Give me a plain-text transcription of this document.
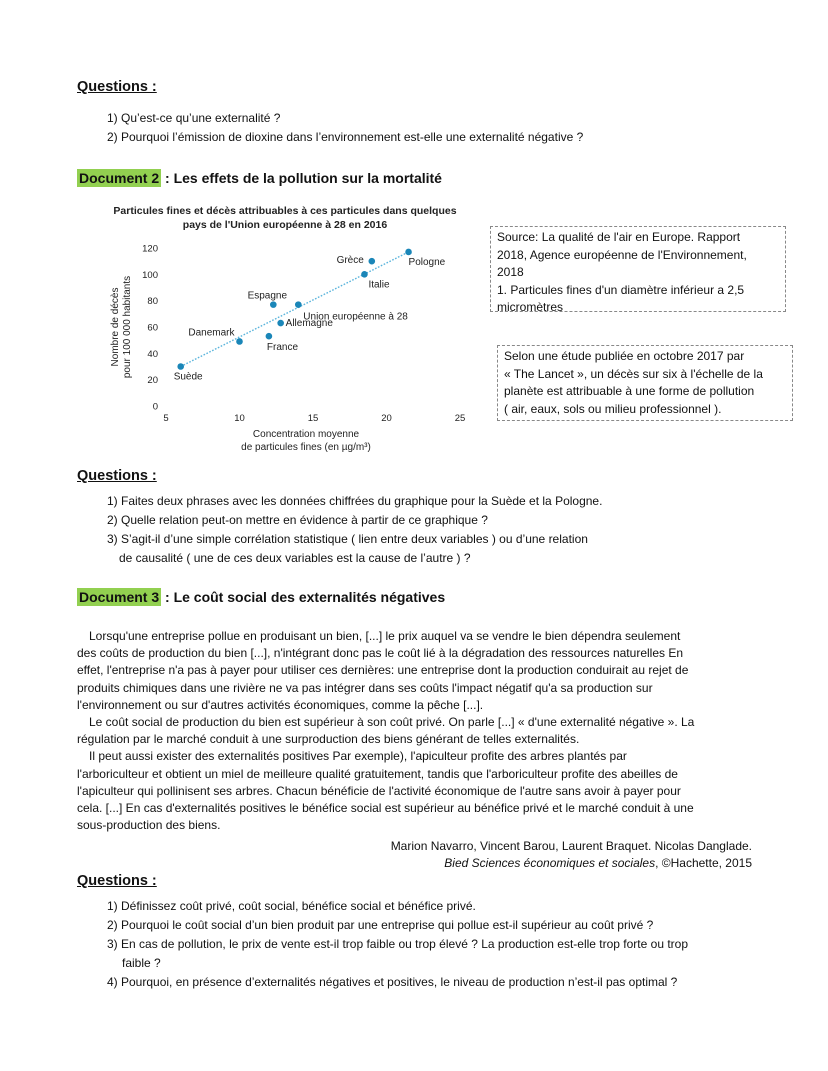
Questions :
1) Qu’est-ce qu’une externalité ?
2) Pourquoi l’émission de dioxine dans l’environnement est-elle une externalité négative ?
Document 2 : Les effets de la pollution sur la mortalité
Particules fines et décès attribuables à ces particules dans quelques
pays de l'Union européenne à 28 en 2016
0
20
40
60
80
100
120
5	10	15	20	25
Concentration moyenne
de particules fines (en µg/m³)
Nombre de décès pour 100 000 habitants	Suède
Danemark
France
Espagne
Allemagne
Union européenne à 28
Italie
Grèce	Pologne
Source: La qualité de l'air en Europe. Rapport
2018, Agence européenne de l'Environnement,
2018
1. Particules fines d'un diamètre inférieur a 2,5
micromètres
Selon une étude publiée en octobre 2017 par
« The Lancet », un décès sur six à l'échelle de la
planète est attribuable à une forme de pollution
( air, eaux, sols ou milieu professionnel ).
Questions :
1) Faites deux phrases avec les données chiffrées du graphique pour la Suède et la Pologne.
2) Quelle relation peut-on mettre en évidence à partir de ce graphique ?
3) S’agit-il d’une simple corrélation statistique ( lien entre deux variables ) ou d’une relation
de causalité ( une de ces deux variables est la cause de l’autre ) ?
Document 3 : Le coût social des externalités négatives
Lorsqu'une entreprise pollue en produisant un bien, [...] le prix auquel va se vendre le bien dépendra seulement
des coûts de production du bien [...], n'intégrant donc pas le coût lié à la dégradation des ressources naturelles En
effet, l'entreprise n'a pas à payer pour utiliser ces dernières: une entreprise dont la production conduirait au rejet de
produits chimiques dans une rivière ne va pas intégrer dans ses coûts l'impact négatif qu'a sa production sur
l'environnement ou sur d'autres activités économiques, comme la pêche [...].
Le coût social de production du bien est supérieur à son coût privé. On parle [...] « d'une externalité négative ». La
régulation par le marché conduit à une surproduction des biens générant de telles externalités.
Il peut aussi exister des externalités positives Par exemple), l'apiculteur profite des arbres plantés par
l'arboriculteur et obtient un miel de meilleure qualité gratuitement, tandis que l'arboriculteur profite des abeilles de
l'apiculteur qui pollinisent ses arbres. Chacun bénéficie de l'activité économique de l'autre sans avoir à payer pour
cela. [...] En cas d'externalités positives le bénéfice social est supérieur au bénéfice privé et le marché conduit à une
sous-production des biens.
Marion Navarro, Vincent Barou, Laurent Braquet. Nicolas Danglade.
Bied Sciences économiques et sociales, ©Hachette, 2015
Questions :
1) Définissez coût privé, coût social, bénéfice social et bénéfice privé.
2) Pourquoi le coût social d’un bien produit par une entreprise qui pollue est-il supérieur au coût privé ?
3) En cas de pollution, le prix de vente est-il trop faible ou trop élevé ? La production est-elle trop forte ou trop
faible ?
4) Pourquoi, en présence d’externalités négatives et positives, le niveau de production n’est-il pas optimal ?
